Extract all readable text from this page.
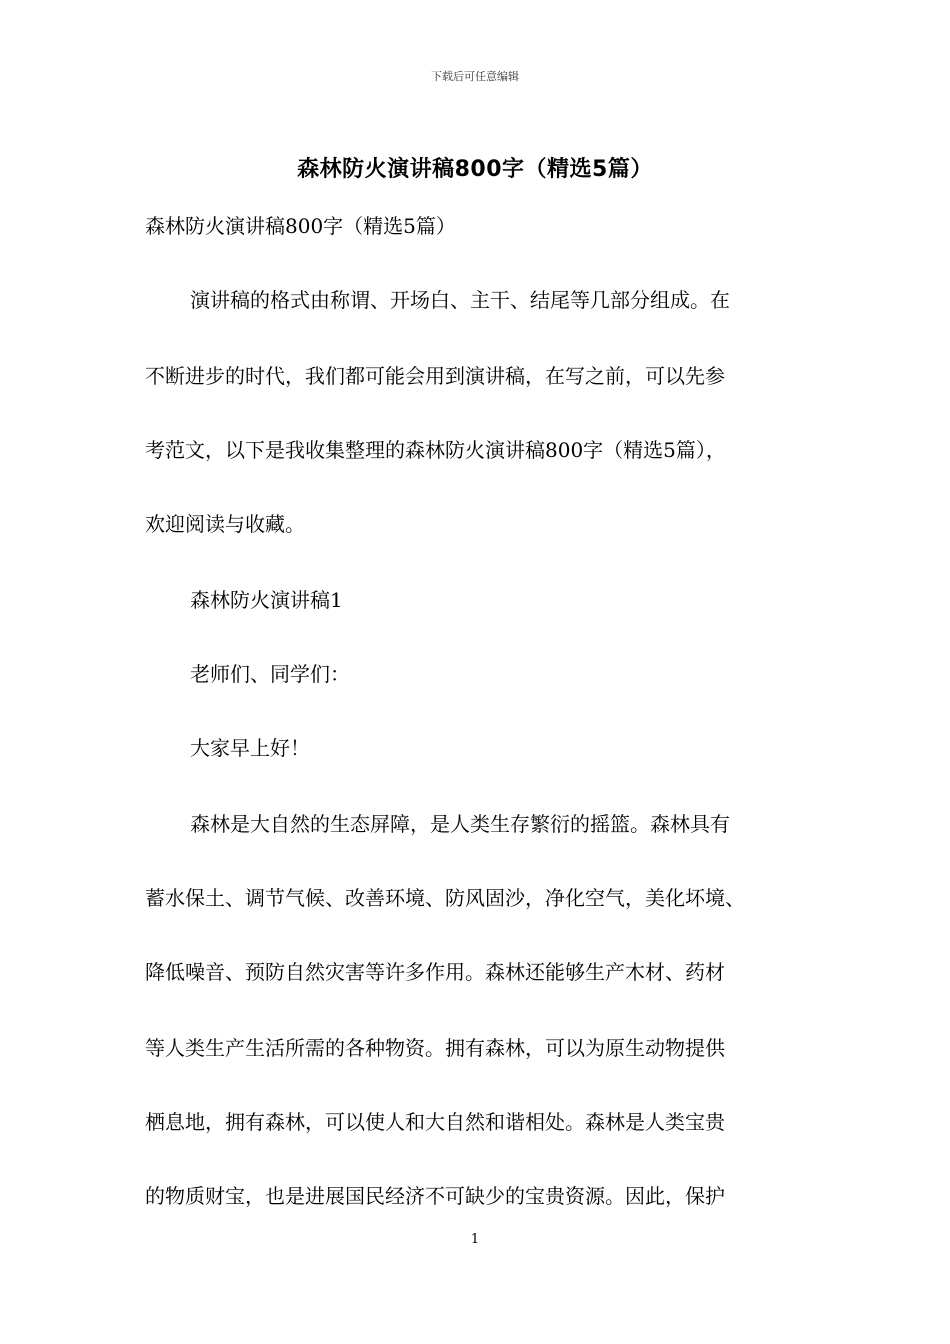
下载后可任意编辑
森林防火演讲稿800字（精选5篇）
森林防火演讲稿800字（精选5篇）
演讲稿的格式由称谓、开场白、主干、结尾等几部分组成。在
不断进步的时代，我们都可能会用到演讲稿，在写之前，可以先参
考范文，以下是我收集整理的森林防火演讲稿800字（精选5篇），
欢迎阅读与收藏。
森林防火演讲稿1
老师们、同学们：
大家早上好！
森林是大自然的生态屏障，是人类生存繁衍的摇篮。森林具有
蓄水保土、调节气候、改善环境、防风固沙，净化空气，美化坏境、
降低噪音、预防自然灾害等许多作用。森林还能够生产木材、药材
等人类生产生活所需的各种物资。拥有森林，可以为原生动物提供
栖息地，拥有森林，可以使人和大自然和谐相处。森林是人类宝贵
的物质财宝，也是进展国民经济不可缺少的宝贵资源。因此，保护
1
